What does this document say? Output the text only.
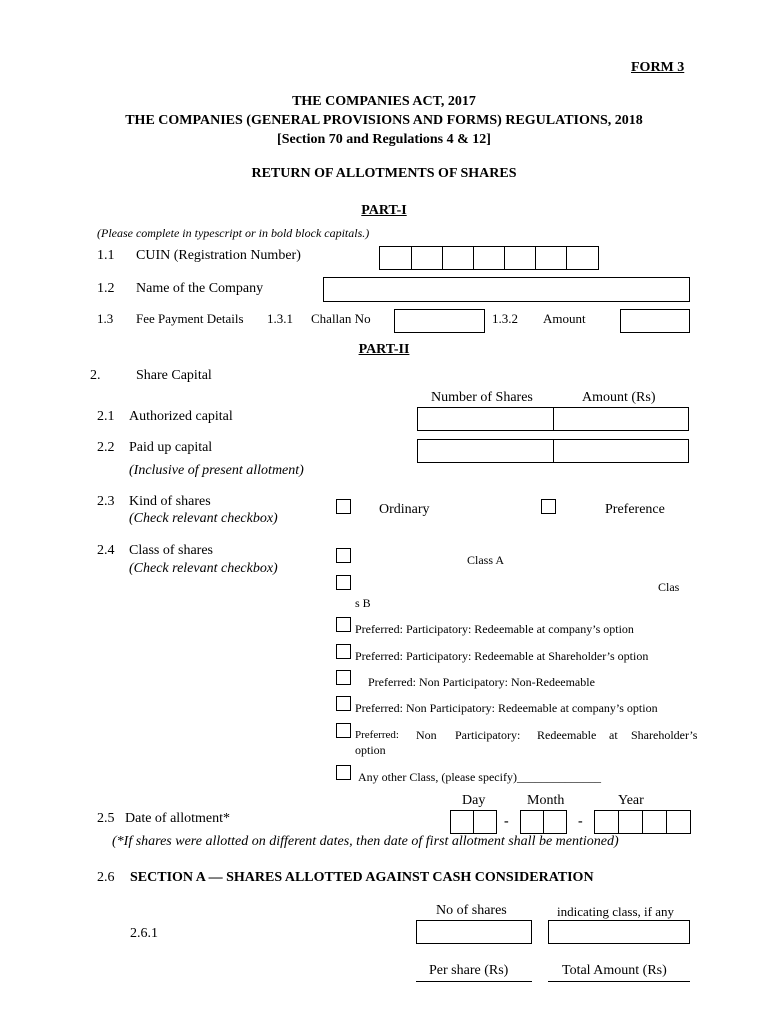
FORM 3
THE COMPANIES ACT, 2017
THE COMPANIES (GENERAL PROVISIONS AND FORMS) REGULATIONS, 2018
[Section 70 and Regulations 4 & 12]
RETURN OF ALLOTMENTS OF SHARES
PART-I
(Please complete in typescript or in bold block capitals.)
1.1 CUIN (Registration Number)
1.2 Name of the Company
1.3 Fee Payment Details 1.3.1 Challan No	1.3.2 Amount
PART-II
2.	Share Capital
Number of Shares	Amount (Rs)
2.1 Authorized capital
2.2 Paid up capital
(Inclusive of present allotment)
2.3 Kind of shares
(Check relevant checkbox)
Ordinary	Preference
2.4 Class of shares
(Check relevant checkbox)
Class A
Clas
s B
Preferred: Participatory: Redeemable at company’s option
Preferred: Participatory: Redeemable at Shareholder’s option
Preferred: Non Participatory: Non-Redeemable
Preferred: Non Participatory: Redeemable at company’s option
Preferred: Non Participatory: Redeemable at Shareholder’s
option
Any other Class, (please specify)______________
Day	Month	Year
2.5 Date of allotment*	-	-
(*If shares were allotted on different dates, then date of first allotment shall be mentioned)
2.6 SECTION A — SHARES ALLOTTED AGAINST CASH CONSIDERATION
No of shares	indicating class, if any
2.6.1
Per share (Rs)	Total Amount (Rs)
